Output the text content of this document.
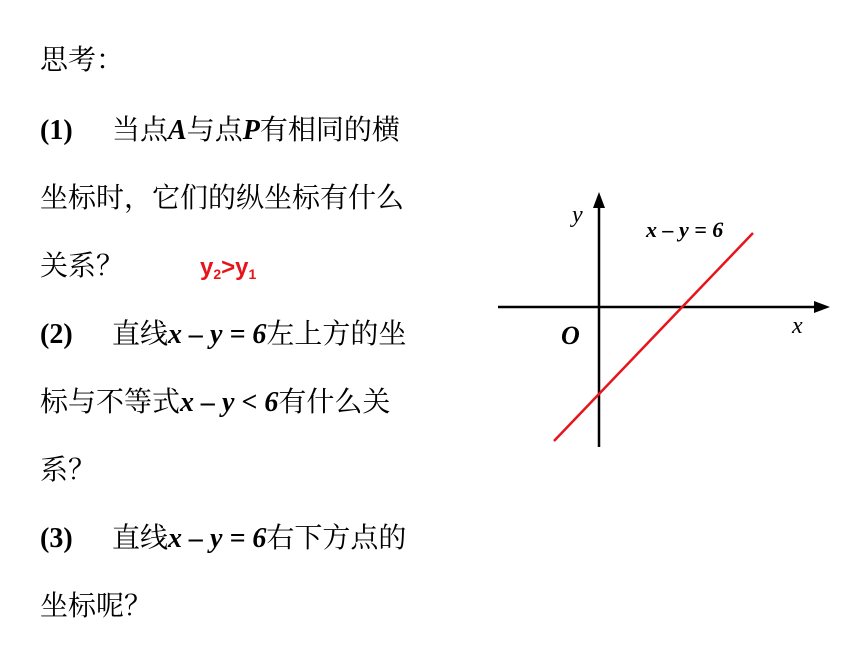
思考：
(1) 当点A与点P有相同的横
坐标时，它们的纵坐标有什么
关系？	$y_2>y_1$
(2) 直线x – y = 6左上方的坐
标与不等式x – y < 6有什么关
系？
(3) 直线x – y = 6右下方点的
坐标呢？
y
x
O
x – y = 6
